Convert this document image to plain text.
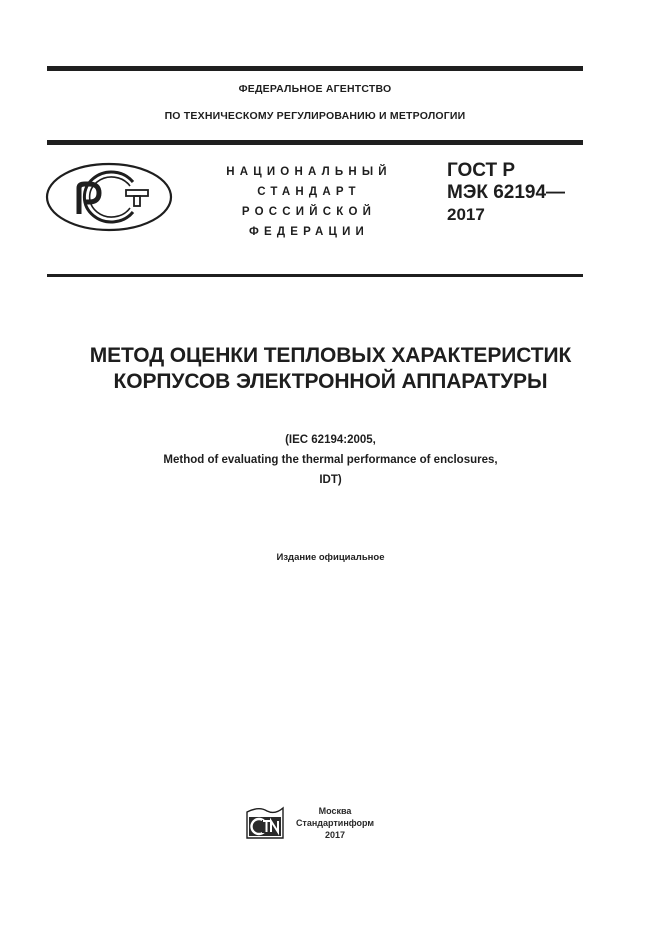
ФЕДЕРАЛЬНОЕ АГЕНТСТВО
ПО ТЕХНИЧЕСКОМУ РЕГУЛИРОВАНИЮ И МЕТРОЛОГИИ
НАЦИОНАЛЬНЫЙ
СТАНДАРТ
РОССИЙСКОЙ
ФЕДЕРАЦИИ
ГОСТ Р
МЭК 62194—
2017
МЕТОД ОЦЕНКИ ТЕПЛОВЫХ ХАРАКТЕРИСТИК
КОРПУСОВ ЭЛЕКТРОННОЙ АППАРАТУРЫ
(IEC 62194:2005,
Method of evaluating the thermal performance of enclosures,
IDT)
Издание официальное
Москва
Стандартинформ
2017
